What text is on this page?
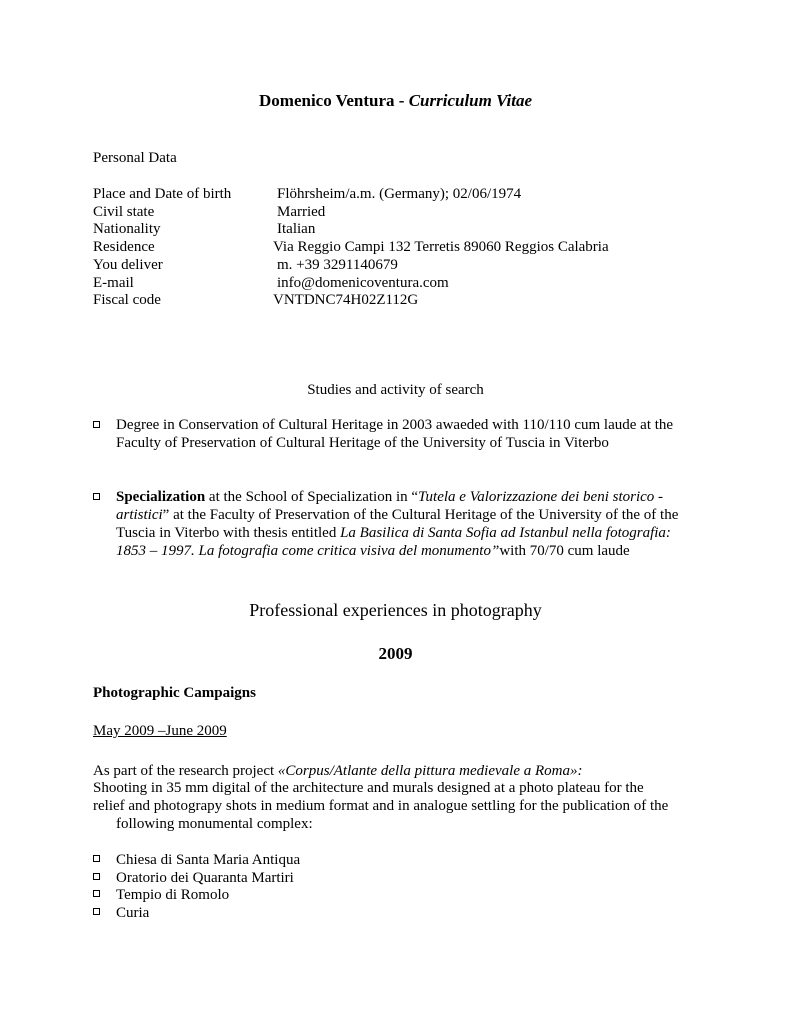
Domenico Ventura - Curriculum Vitae
Personal Data
Place and Date of birth	Flöhrsheim/a.m. (Germany); 02/06/1974
Civil state	Married
Nationality	Italian
Residence	Via Reggio Campi 132 Terretis 89060 Reggios Calabria
You deliver	m. +39 3291140679
E-mail	info@domenicoventura.com
Fiscal code	VNTDNC74H02Z112G
Studies and activity of search
Degree in Conservation of Cultural Heritage in 2003 awaeded with 110/110 cum laude at the
Faculty of Preservation of Cultural Heritage of the University of Tuscia in Viterbo
Specialization at the School of Specialization in “Tutela e Valorizzazione dei beni storico -
artistici” at the Faculty of Preservation of the Cultural Heritage of the University of the of the
Tuscia in Viterbo with thesis entitled La Basilica di Santa Sofia ad Istanbul nella fotografia:
1853 – 1997. La fotografia come critica visiva del monumento”with 70/70 cum laude
Professional experiences in photography
2009
Photographic Campaigns
May 2009 –June 2009
As part of the research project «Corpus/Atlante della pittura medievale a Roma»:
Shooting in 35 mm digital of the architecture and murals designed at a photo plateau for the
relief and photograpy shots in medium format and in analogue settling for the publication of the
following monumental complex:
Chiesa di Santa Maria Antiqua
Oratorio dei Quaranta Martiri
Tempio di Romolo
Curia
